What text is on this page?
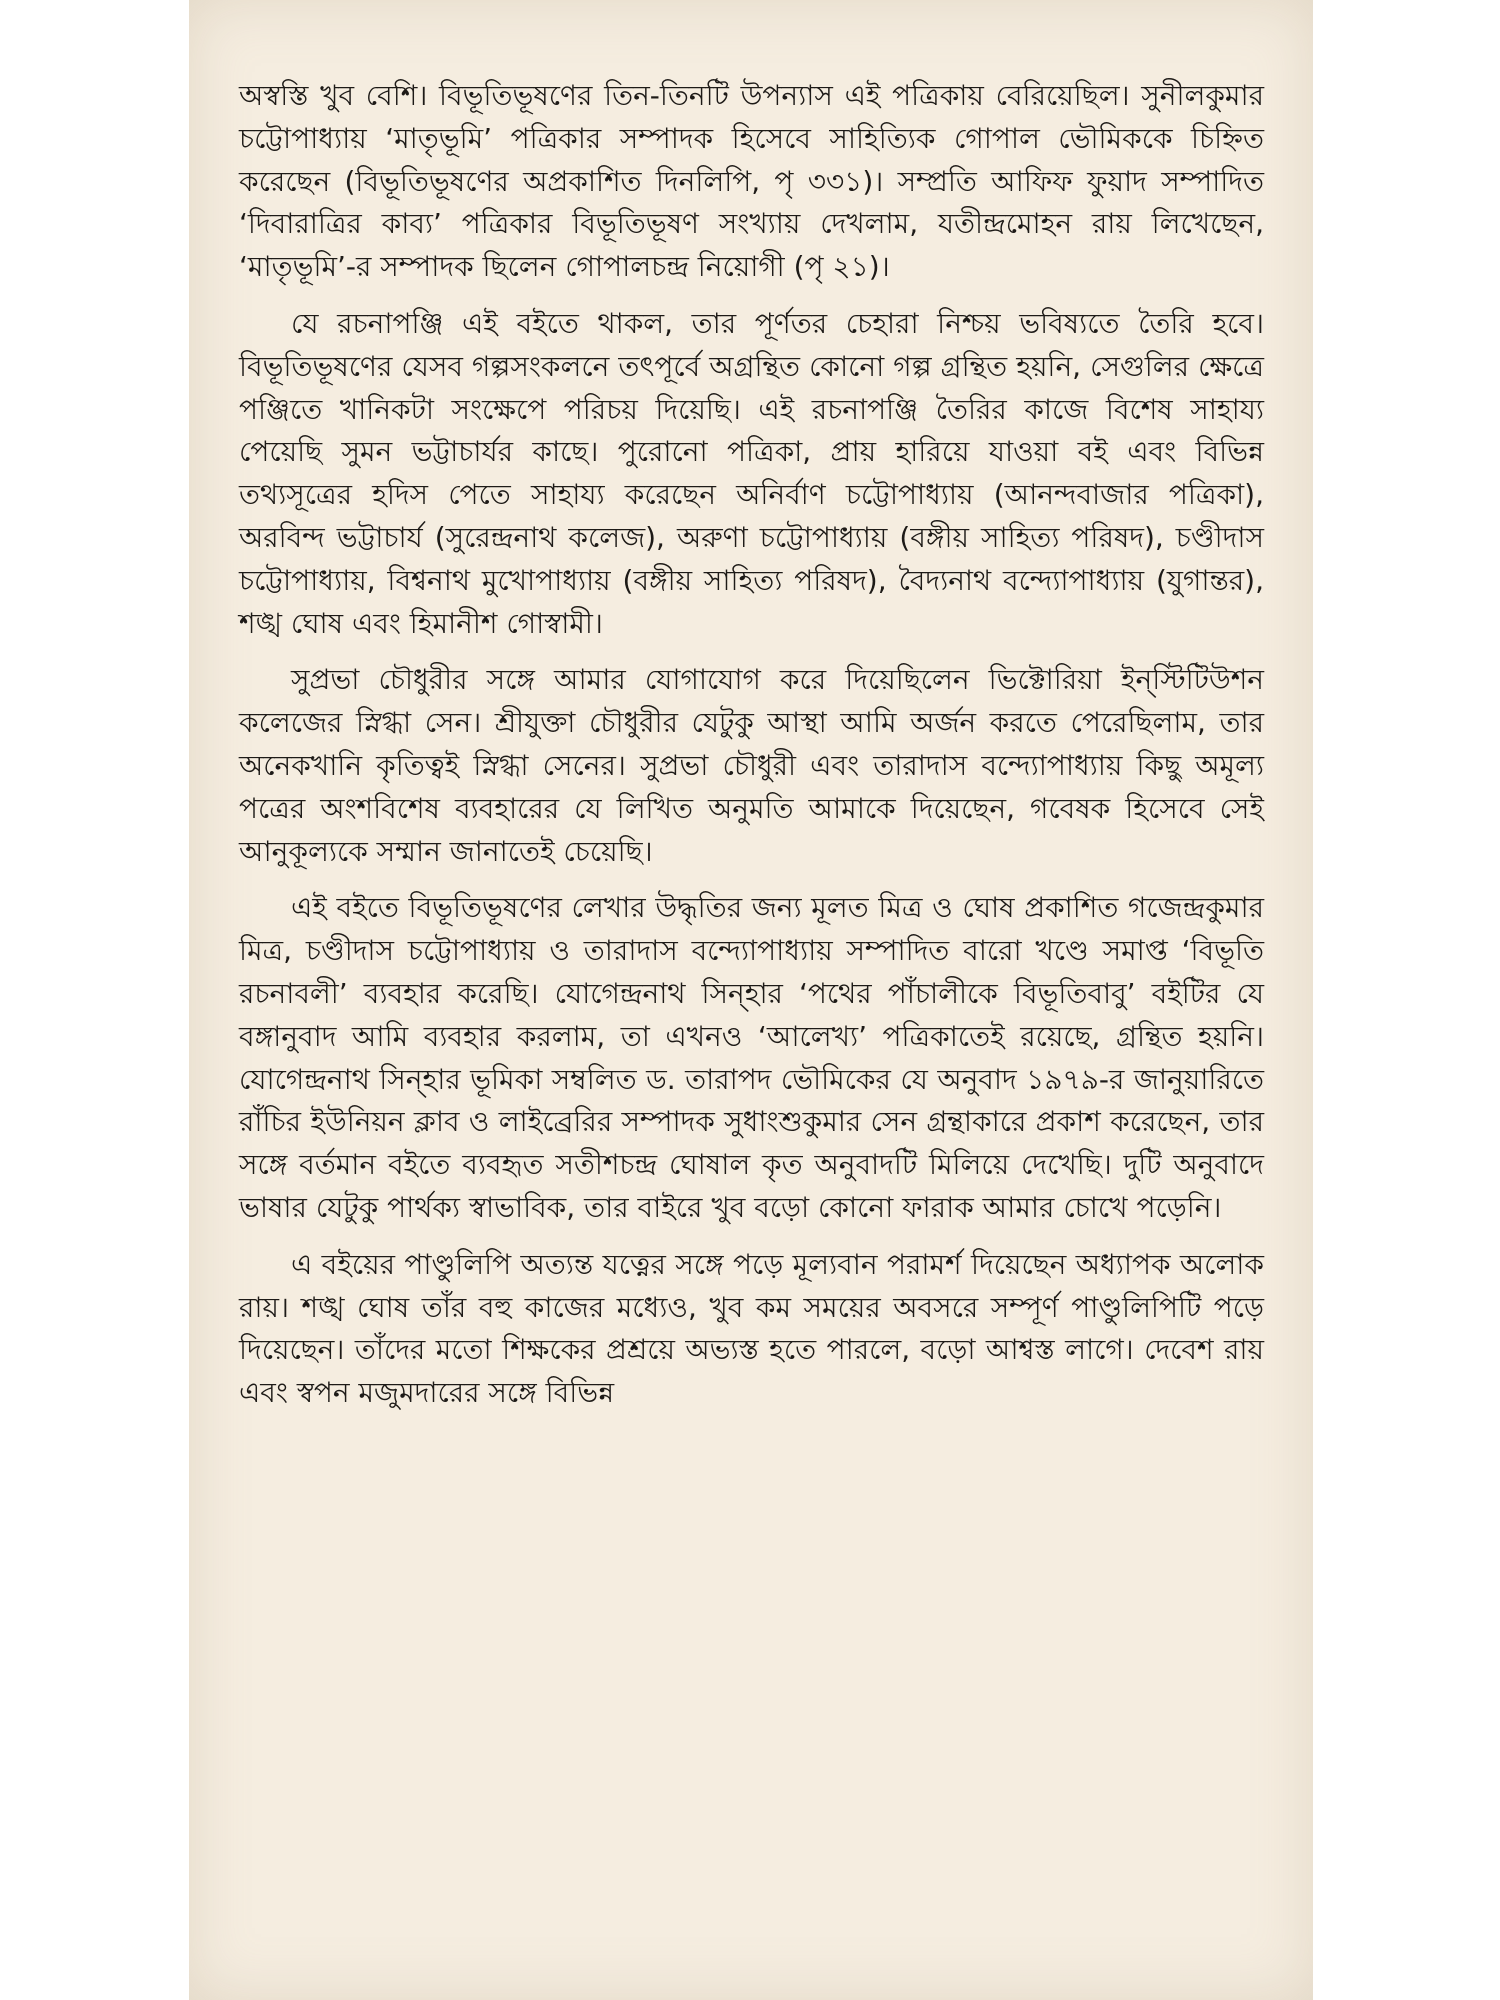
অস্বস্তি খুব বেশি। বিভূতিভূষণের তিন-তিনটি উপন্যাস এই পত্রিকায় বেরিয়েছিল। সুনীলকুমার চট্টোপাধ্যায় ‘মাতৃভূমি’ পত্রিকার সম্পাদক হিসেবে সাহিত্যিক গোপাল ভৌমিককে চিহ্নিত করেছেন (বিভূতিভূষণের অপ্রকাশিত দিনলিপি, পৃ ৩৩১)। সম্প্রতি আফিফ ফুয়াদ সম্পাদিত ‘দিবারাত্রির কাব্য’ পত্রিকার বিভূতিভূষণ সংখ্যায় দেখলাম, যতীন্দ্রমোহন রায় লিখেছেন, ‘মাতৃভূমি’-র সম্পাদক ছিলেন গোপালচন্দ্র নিয়োগী (পৃ ২১)।

যে রচনাপঞ্জি এই বইতে থাকল, তার পূর্ণতর চেহারা নিশ্চয় ভবিষ্যতে তৈরি হবে। বিভূতিভূষণের যেসব গল্পসংকলনে তৎপূর্বে অগ্রন্থিত কোনো গল্প গ্রন্থিত হয়নি, সেগুলির ক্ষেত্রে পঞ্জিতে খানিকটা সংক্ষেপে পরিচয় দিয়েছি। এই রচনাপঞ্জি তৈরির কাজে বিশেষ সাহায্য পেয়েছি সুমন ভট্টাচার্যর কাছে। পুরোনো পত্রিকা, প্রায় হারিয়ে যাওয়া বই এবং বিভিন্ন তথ্যসূত্রের হদিস পেতে সাহায্য করেছেন অনির্বাণ চট্টোপাধ্যায় (আনন্দবাজার পত্রিকা), অরবিন্দ ভট্টাচার্য (সুরেন্দ্রনাথ কলেজ), অরুণা চট্টোপাধ্যায় (বঙ্গীয় সাহিত্য পরিষদ), চণ্ডীদাস চট্টোপাধ্যায়, বিশ্বনাথ মুখোপাধ্যায় (বঙ্গীয় সাহিত্য পরিষদ), বৈদ্যনাথ বন্দ্যোপাধ্যায় (যুগান্তর), শঙ্খ ঘোষ এবং হিমানীশ গোস্বামী।

সুপ্রভা চৌধুরীর সঙ্গে আমার যোগাযোগ করে দিয়েছিলেন ভিক্টোরিয়া ইন্‌স্টিটিউশন কলেজের স্নিগ্ধা সেন। শ্রীযুক্তা চৌধুরীর যেটুকু আস্থা আমি অর্জন করতে পেরেছিলাম, তার অনেকখানি কৃতিত্বই স্নিগ্ধা সেনের। সুপ্রভা চৌধুরী এবং তারাদাস বন্দ্যোপাধ্যায় কিছু অমূল্য পত্রের অংশবিশেষ ব্যবহারের যে লিখিত অনুমতি আমাকে দিয়েছেন, গবেষক হিসেবে সেই আনুকূল্যকে সম্মান জানাতেই চেয়েছি।

এই বইতে বিভূতিভূষণের লেখার উদ্ধৃতির জন্য মূলত মিত্র ও ঘোষ প্রকাশিত গজেন্দ্রকুমার মিত্র, চণ্ডীদাস চট্টোপাধ্যায় ও তারাদাস বন্দ্যোপাধ্যায় সম্পাদিত বারো খণ্ডে সমাপ্ত ‘বিভূতি রচনাবলী’ ব্যবহার করেছি। যোগেন্দ্রনাথ সিন্‌হার ‘পথের পাঁচালীকে বিভূতিবাবু’ বইটির যে বঙ্গানুবাদ আমি ব্যবহার করলাম, তা এখনও ‘আলেখ্য’ পত্রিকাতেই রয়েছে, গ্রন্থিত হয়নি। যোগেন্দ্রনাথ সিন্‌হার ভূমিকা সম্বলিত ড. তারাপদ ভৌমিকের যে অনুবাদ ১৯৭৯-র জানুয়ারিতে রাঁচির ইউনিয়ন ক্লাব ও লাইব্রেরির সম্পাদক সুধাংশুকুমার সেন গ্রন্থাকারে প্রকাশ করেছেন, তার সঙ্গে বর্তমান বইতে ব্যবহৃত সতীশচন্দ্র ঘোষাল কৃত অনুবাদটি মিলিয়ে দেখেছি। দুটি অনুবাদে ভাষার যেটুকু পার্থক্য স্বাভাবিক, তার বাইরে খুব বড়ো কোনো ফারাক আমার চোখে পড়েনি।

এ বইয়ের পাণ্ডুলিপি অত্যন্ত যত্নের সঙ্গে পড়ে মূল্যবান পরামর্শ দিয়েছেন অধ্যাপক অলোক রায়। শঙ্খ ঘোষ তাঁর বহু কাজের মধ্যেও, খুব কম সময়ের অবসরে সম্পূর্ণ পাণ্ডুলিপিটি পড়ে দিয়েছেন। তাঁদের মতো শিক্ষকের প্রশ্রয়ে অভ্যস্ত হতে পারলে, বড়ো আশ্বস্ত লাগে। দেবেশ রায় এবং স্বপন মজুমদারের সঙ্গে বিভিন্ন
